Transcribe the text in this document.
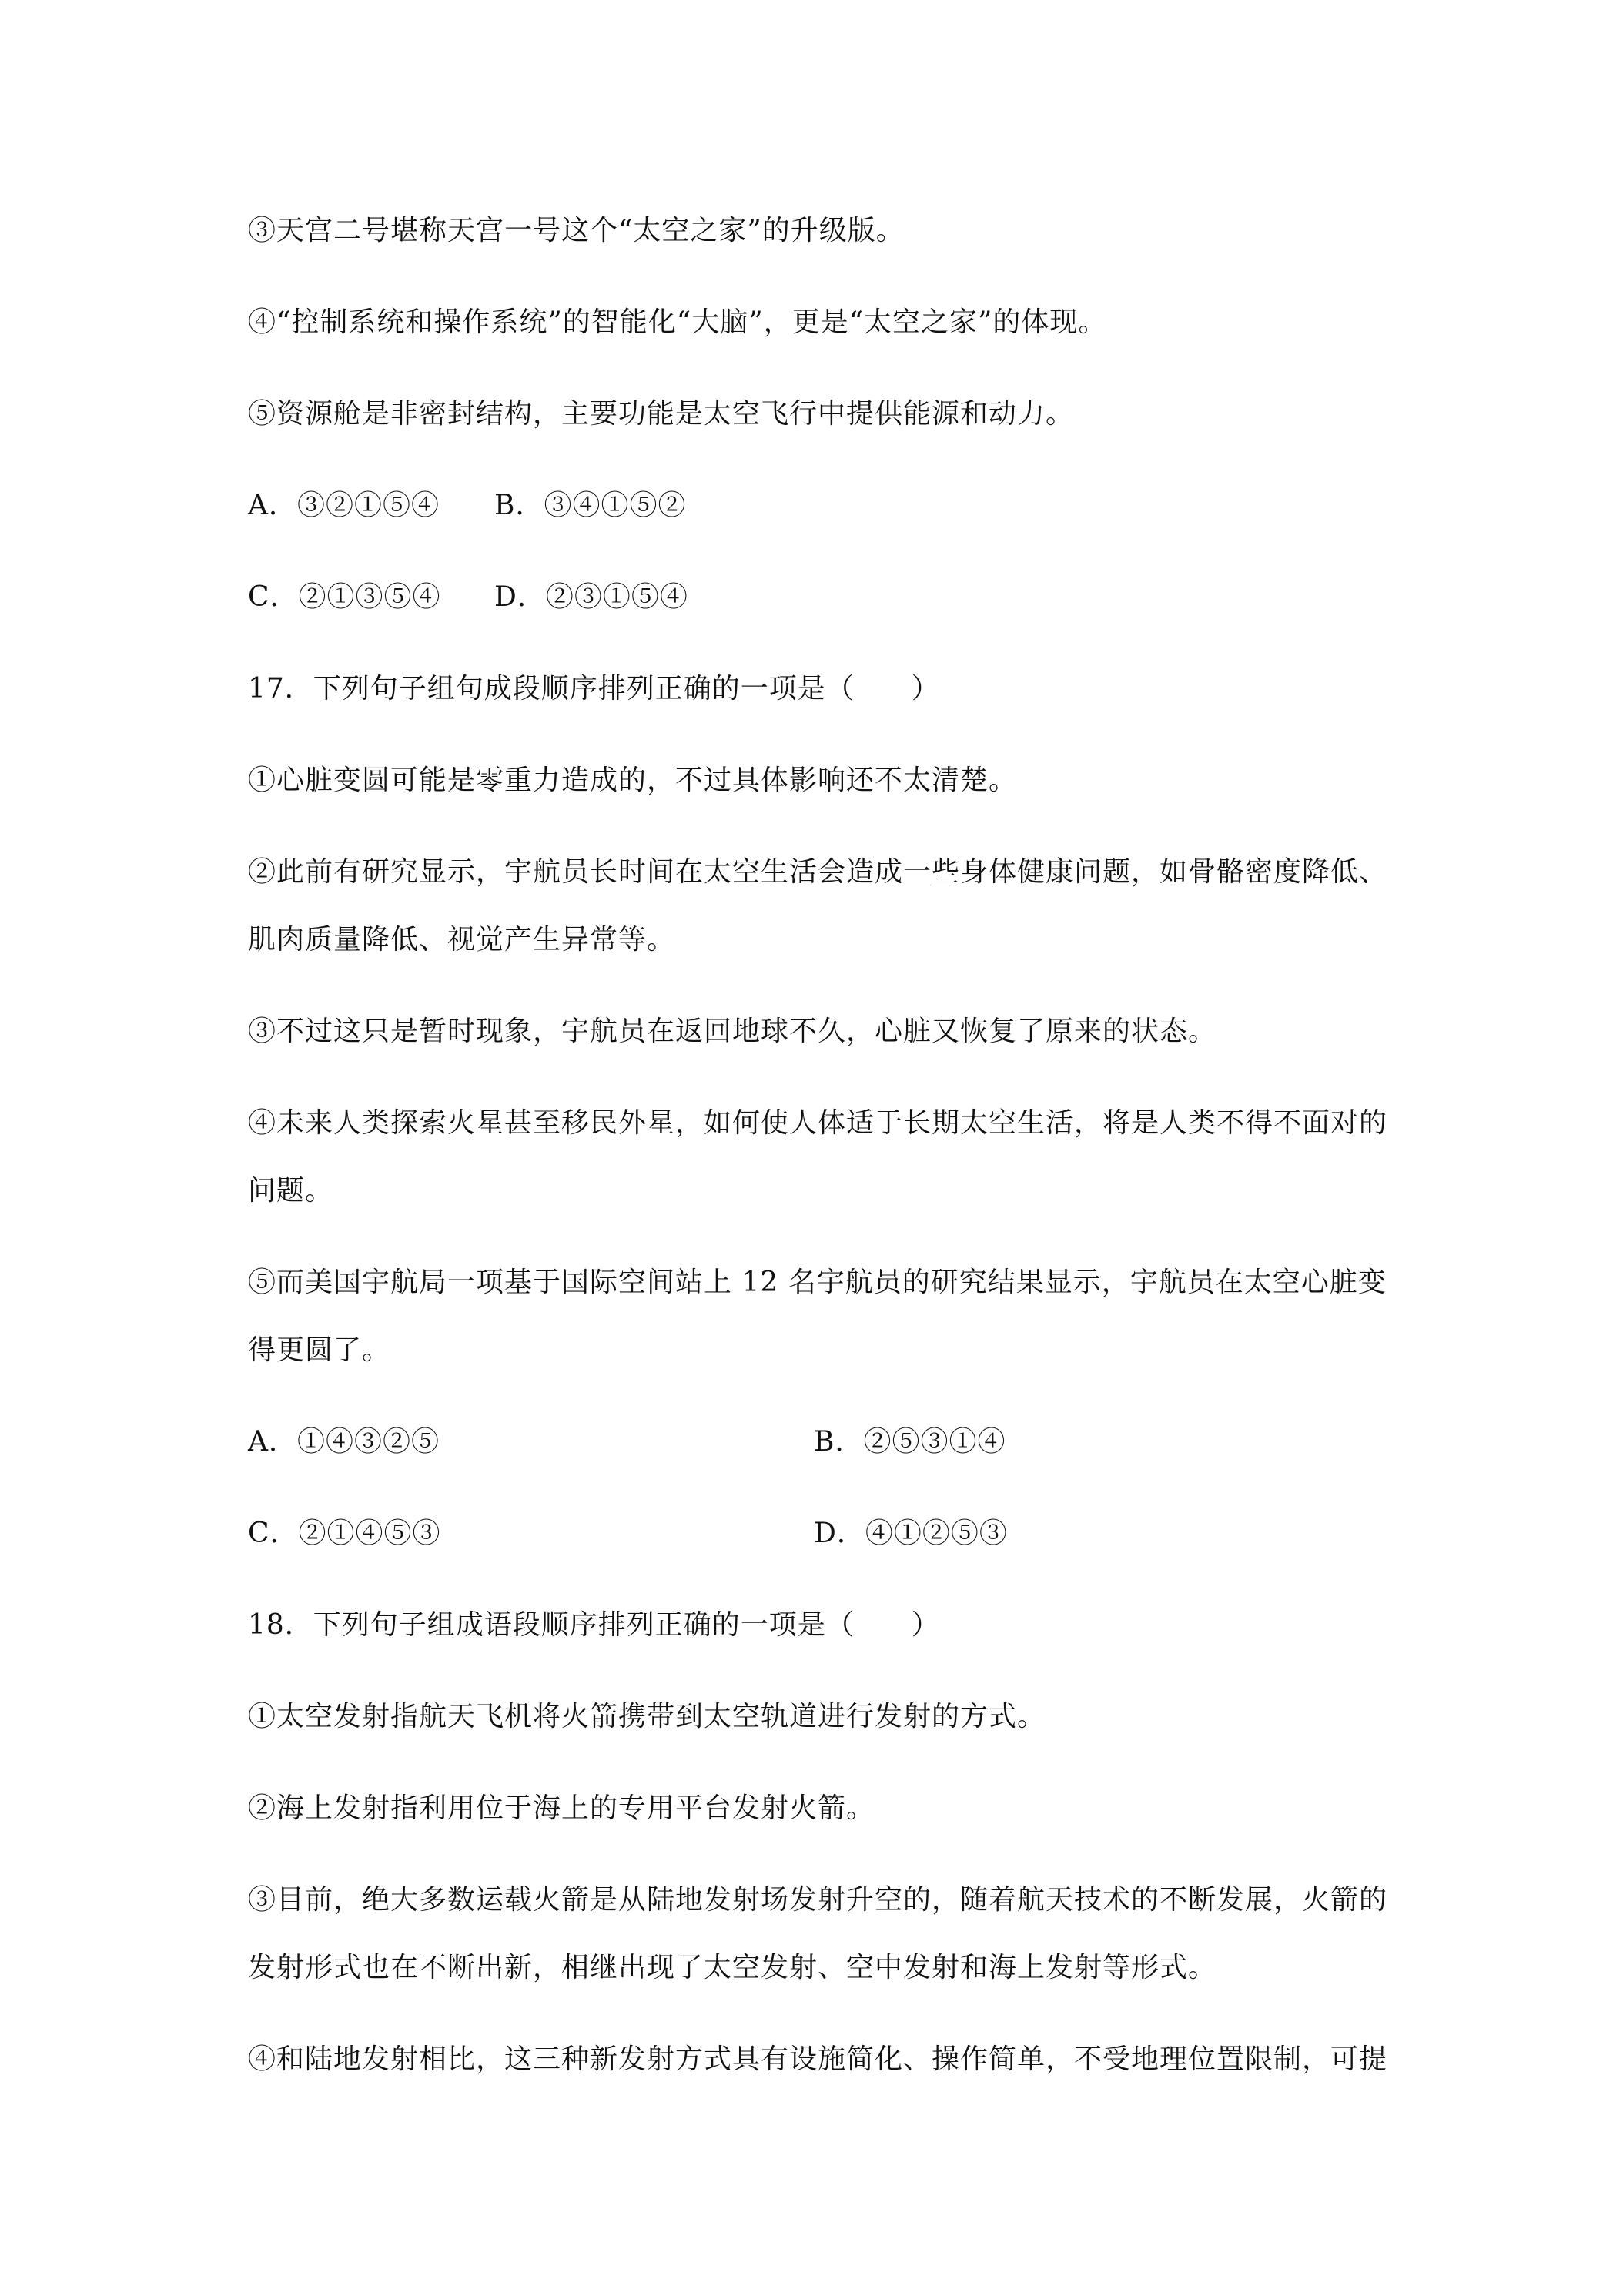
③天宫二号堪称天宫一号这个“太空之家”的升级版。
④“控制系统和操作系统”的智能化“大脑”，更是“太空之家”的体现。
⑤资源舱是非密封结构，主要功能是太空飞行中提供能源和动力。
A．③②①⑤④	B．③④①⑤②
C．②①③⑤④	D．②③①⑤④
17．下列句子组句成段顺序排列正确的一项是（　　）
①心脏变圆可能是零重力造成的，不过具体影响还不太清楚。
②此前有研究显示，宇航员长时间在太空生活会造成一些身体健康问题，如骨骼密度降低、
肌肉质量降低、视觉产生异常等。
③不过这只是暂时现象，宇航员在返回地球不久，心脏又恢复了原来的状态。
④未来人类探索火星甚至移民外星，如何使人体适于长期太空生活，将是人类不得不面对的
问题。
⑤而美国宇航局一项基于国际空间站上 12 名宇航员的研究结果显示，宇航员在太空心脏变
得更圆了。
A．①④③②⑤	B．②⑤③①④
C．②①④⑤③	D．④①②⑤③
18．下列句子组成语段顺序排列正确的一项是（　　）
①太空发射指航天飞机将火箭携带到太空轨道进行发射的方式。
②海上发射指利用位于海上的专用平台发射火箭。
③目前，绝大多数运载火箭是从陆地发射场发射升空的，随着航天技术的不断发展，火箭的
发射形式也在不断出新，相继出现了太空发射、空中发射和海上发射等形式。
④和陆地发射相比，这三种新发射方式具有设施简化、操作简单，不受地理位置限制，可提
